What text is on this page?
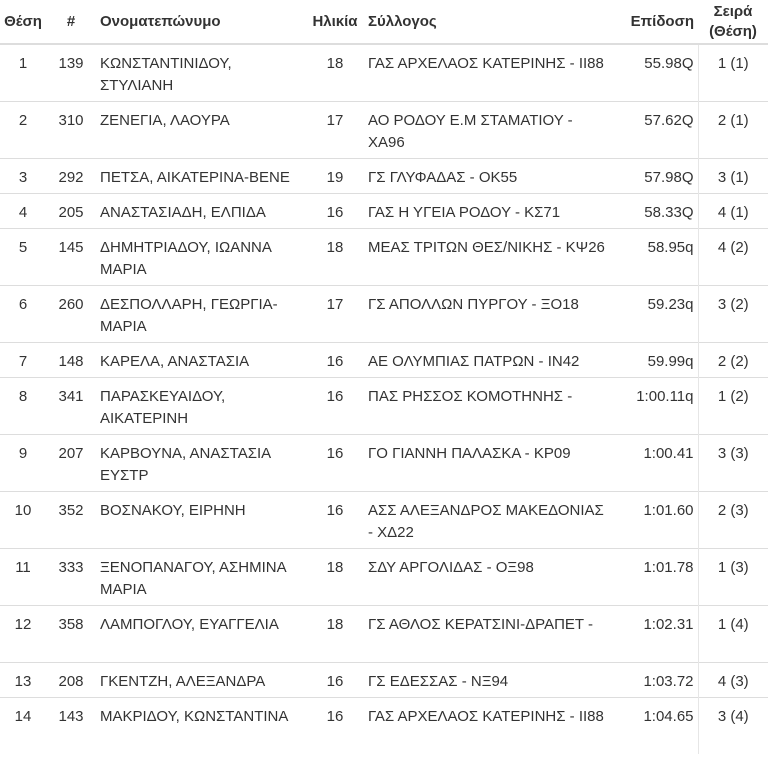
Θέση	#	Ονοματεπώνυμο	Ηλικία	Σύλλογος	Επίδοση	Σειρά
(Θέση)
1	139	ΚΩΝΣΤΑΝΤΙΝΙΔΟΥ, ΣΤΥΛΙΑΝΗ	18	ΓΑΣ ΑΡΧΕΛΑΟΣ ΚΑΤΕΡΙΝΗΣ - ΙΙ88	55.98Q	1 (1)
2	310	ΖΕΝΕΓΙΑ, ΛΑΟΥΡΑ	17	ΑΟ ΡΟΔΟΥ Ε.Μ ΣΤΑΜΑΤΙΟΥ - ΧΑ96	57.62Q	2 (1)
3	292	ΠΕΤΣΑ, ΑΙΚΑΤΕΡΙΝΑ-ΒΕΝΕ	19	ΓΣ ΓΛΥΦΑΔΑΣ - ΟΚ55	57.98Q	3 (1)
4	205	ΑΝΑΣΤΑΣΙΑΔΗ, ΕΛΠΙΔΑ	16	ΓΑΣ Η ΥΓΕΙΑ ΡΟΔΟΥ - ΚΣ71	58.33Q	4 (1)
5	145	ΔΗΜΗΤΡΙΑΔΟΥ, ΙΩΑΝΝΑ ΜΑΡΙΑ	18	ΜΕΑΣ ΤΡΙΤΩΝ ΘΕΣ/ΝΙΚΗΣ - ΚΨ26	58.95q	4 (2)
6	260	ΔΕΣΠΟΛΛΑΡΗ, ΓΕΩΡΓΙΑ-ΜΑΡΙΑ	17	ΓΣ ΑΠΟΛΛΩΝ ΠΥΡΓΟΥ - ΞΟ18	59.23q	3 (2)
7	148	ΚΑΡΕΛΑ, ΑΝΑΣΤΑΣΙΑ	16	ΑΕ ΟΛΥΜΠΙΑΣ ΠΑΤΡΩΝ - ΙΝ42	59.99q	2 (2)
8	341	ΠΑΡΑΣΚΕΥΑΙΔΟΥ, ΑΙΚΑΤΕΡΙΝΗ	16	ΠΑΣ ΡΗΣΣΟΣ ΚΟΜΟΤΗΝΗΣ -	1:00.11q	1 (2)
9	207	ΚΑΡΒΟΥΝΑ, ΑΝΑΣΤΑΣΙΑ ΕΥΣΤΡ	16	ΓΟ ΓΙΑΝΝΗ ΠΑΛΑΣΚΑ - ΚΡ09	1:00.41	3 (3)
10	352	ΒΟΣΝΑΚΟΥ, ΕΙΡΗΝΗ	16	ΑΣΣ ΑΛΕΞΑΝΔΡΟΣ ΜΑΚΕΔΟΝΙΑΣ - ΧΔ22	1:01.60	2 (3)
11	333	ΞΕΝΟΠΑΝΑΓΟΥ, ΑΣΗΜΙΝΑ ΜΑΡΙΑ	18	ΣΔΥ ΑΡΓΟΛΙΔΑΣ - ΟΞ98	1:01.78	1 (3)
12	358	ΛΑΜΠΟΓΛΟΥ, ΕΥΑΓΓΕΛΙΑ	18	ΓΣ ΑΘΛΟΣ ΚΕΡΑΤΣΙΝΙ-ΔΡΑΠΕΤ -	1:02.31	1 (4)
13	208	ΓΚΕΝΤΖΗ, ΑΛΕΞΑΝΔΡΑ	16	ΓΣ ΕΔΕΣΣΑΣ - ΝΞ94	1:03.72	4 (3)
14	143	ΜΑΚΡΙΔΟΥ, ΚΩΝΣΤΑΝΤΙΝΑ	16	ΓΑΣ ΑΡΧΕΛΑΟΣ ΚΑΤΕΡΙΝΗΣ - ΙΙ88	1:04.65	3 (4)
